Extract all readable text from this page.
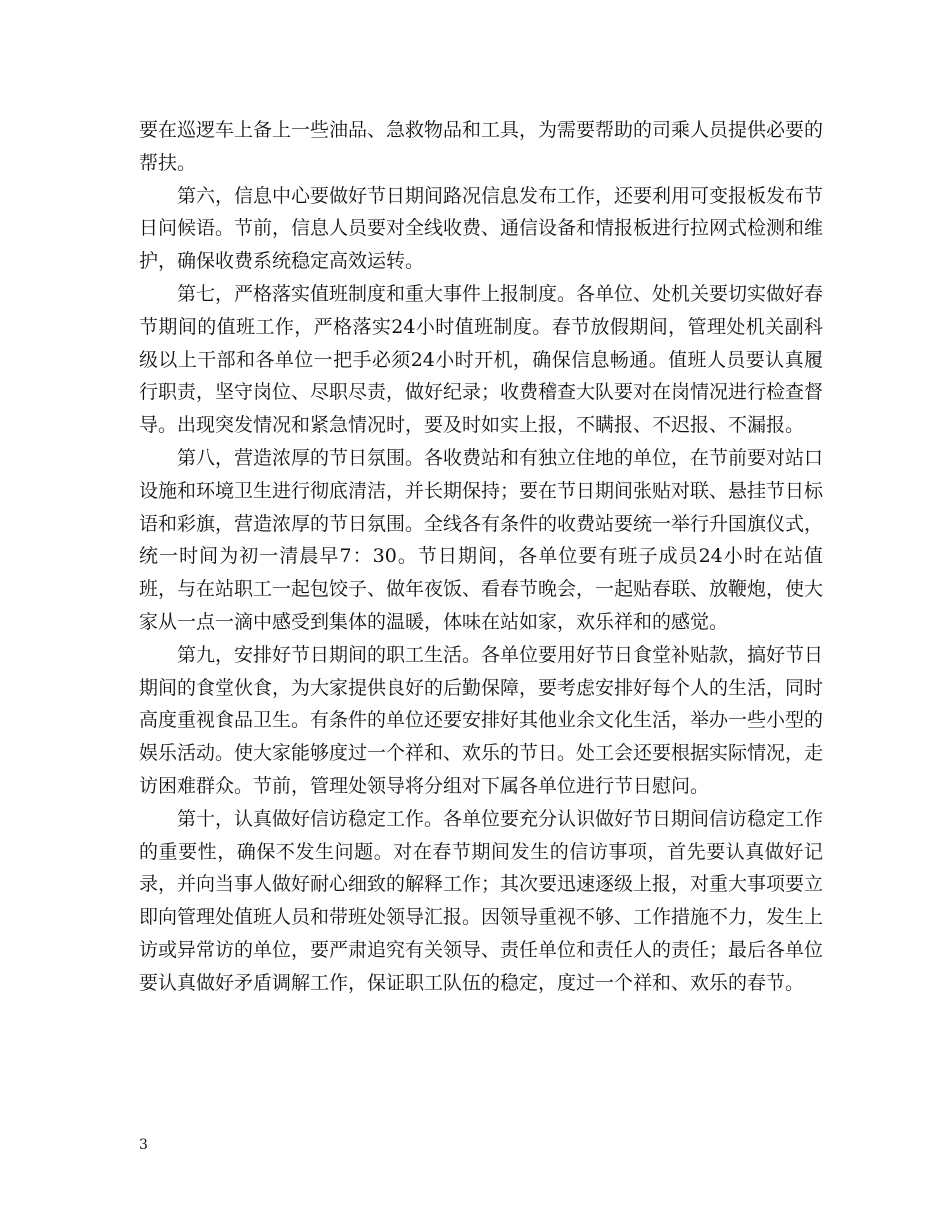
要在巡逻车上备上一些油品、急救物品和工具，为需要帮助的司乘人员提供必要的帮扶。

第六，信息中心要做好节日期间路况信息发布工作，还要利用可变报板发布节日问候语。节前，信息人员要对全线收费、通信设备和情报板进行拉网式检测和维护，确保收费系统稳定高效运转。

第七，严格落实值班制度和重大事件上报制度。各单位、处机关要切实做好春节期间的值班工作，严格落实24小时值班制度。春节放假期间，管理处机关副科级以上干部和各单位一把手必须24小时开机，确保信息畅通。值班人员要认真履行职责，坚守岗位、尽职尽责，做好纪录；收费稽查大队要对在岗情况进行检查督导。出现突发情况和紧急情况时，要及时如实上报，不瞒报、不迟报、不漏报。

第八，营造浓厚的节日氛围。各收费站和有独立住地的单位，在节前要对站口设施和环境卫生进行彻底清洁，并长期保持；要在节日期间张贴对联、悬挂节日标语和彩旗，营造浓厚的节日氛围。全线各有条件的收费站要统一举行升国旗仪式，统一时间为初一清晨早7：30。节日期间，各单位要有班子成员24小时在站值班，与在站职工一起包饺子、做年夜饭、看春节晚会，一起贴春联、放鞭炮，使大家从一点一滴中感受到集体的温暖，体味在站如家，欢乐祥和的感觉。

第九，安排好节日期间的职工生活。各单位要用好节日食堂补贴款，搞好节日期间的食堂伙食，为大家提供良好的后勤保障，要考虑安排好每个人的生活，同时高度重视食品卫生。有条件的单位还要安排好其他业余文化生活，举办一些小型的娱乐活动。使大家能够度过一个祥和、欢乐的节日。处工会还要根据实际情况，走访困难群众。节前，管理处领导将分组对下属各单位进行节日慰问。

第十，认真做好信访稳定工作。各单位要充分认识做好节日期间信访稳定工作的重要性，确保不发生问题。对在春节期间发生的信访事项，首先要认真做好记录，并向当事人做好耐心细致的解释工作；其次要迅速逐级上报，对重大事项要立即向管理处值班人员和带班处领导汇报。因领导重视不够、工作措施不力，发生上访或异常访的单位，要严肃追究有关领导、责任单位和责任人的责任；最后各单位要认真做好矛盾调解工作，保证职工队伍的稳定，度过一个祥和、欢乐的春节。

3
